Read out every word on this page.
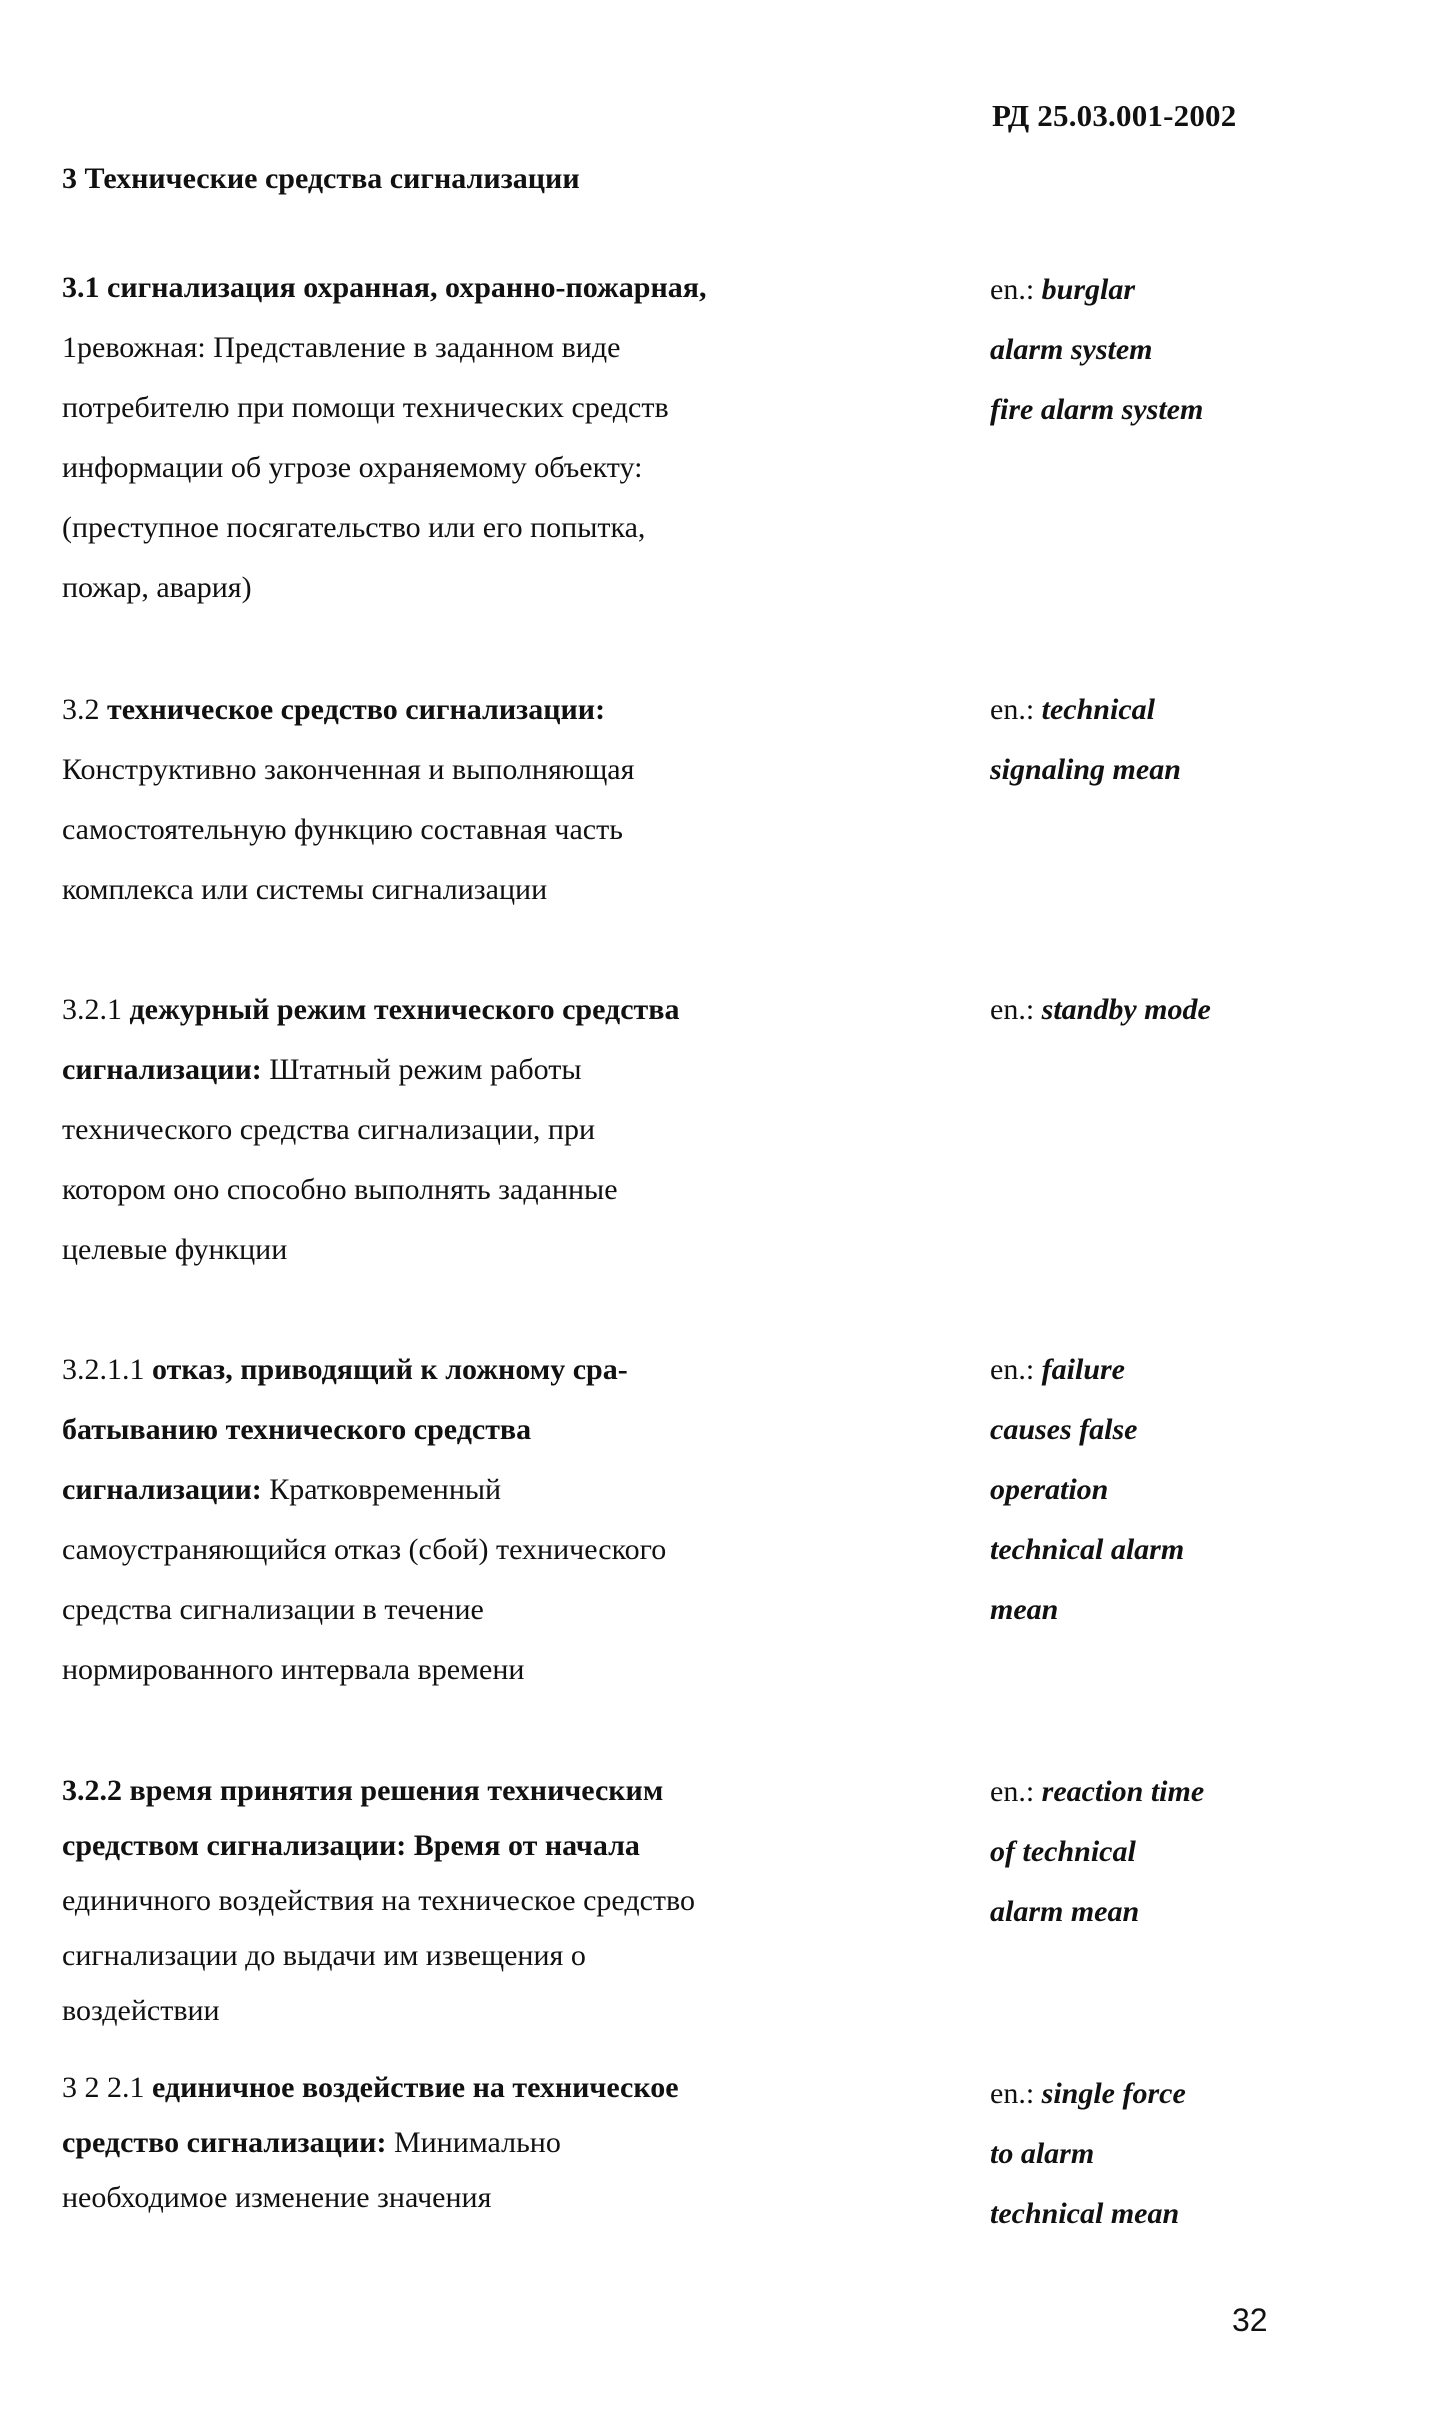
РД 25.03.001-2002
3 Технические средства сигнализации
3.1 сигнализация охранная, охранно-пожарная,
1ревожная: Представление в заданном виде
потребителю при помощи технических средств
информации об угрозе охраняемому объекту:
(преступное посягательство или его попытка,
пожар, авария)
en.: burglar
alarm system
fire alarm system
3.2 техническое средство сигнализации:
Конструктивно законченная и выполняющая
самостоятельную функцию составная часть
комплекса или системы сигнализации
en.: technical
signaling mean
3.2.1 дежурный режим технического средства
сигнализации: Штатный режим работы
технического средства сигнализации, при
котором оно способно выполнять заданные
целевые функции
en.: standby mode
3.2.1.1 отказ, приводящий к ложному сра-
батыванию технического средства
сигнализации: Кратковременный
самоустраняющийся отказ (сбой) технического
средства сигнализации в течение
нормированного интервала времени
en.: failure
causes false
operation
technical alarm
mean
3.2.2 время принятия решения техническим
средством сигнализации: Время от начала
единичного воздействия на техническое средство
сигнализации до выдачи им извещения о
воздействии
en.: reaction time
of technical
alarm mean
3 2 2.1 единичное воздействие на техническое
средство сигнализации: Минимально
необходимое изменение значения
en.: single force
to alarm
technical mean
32
